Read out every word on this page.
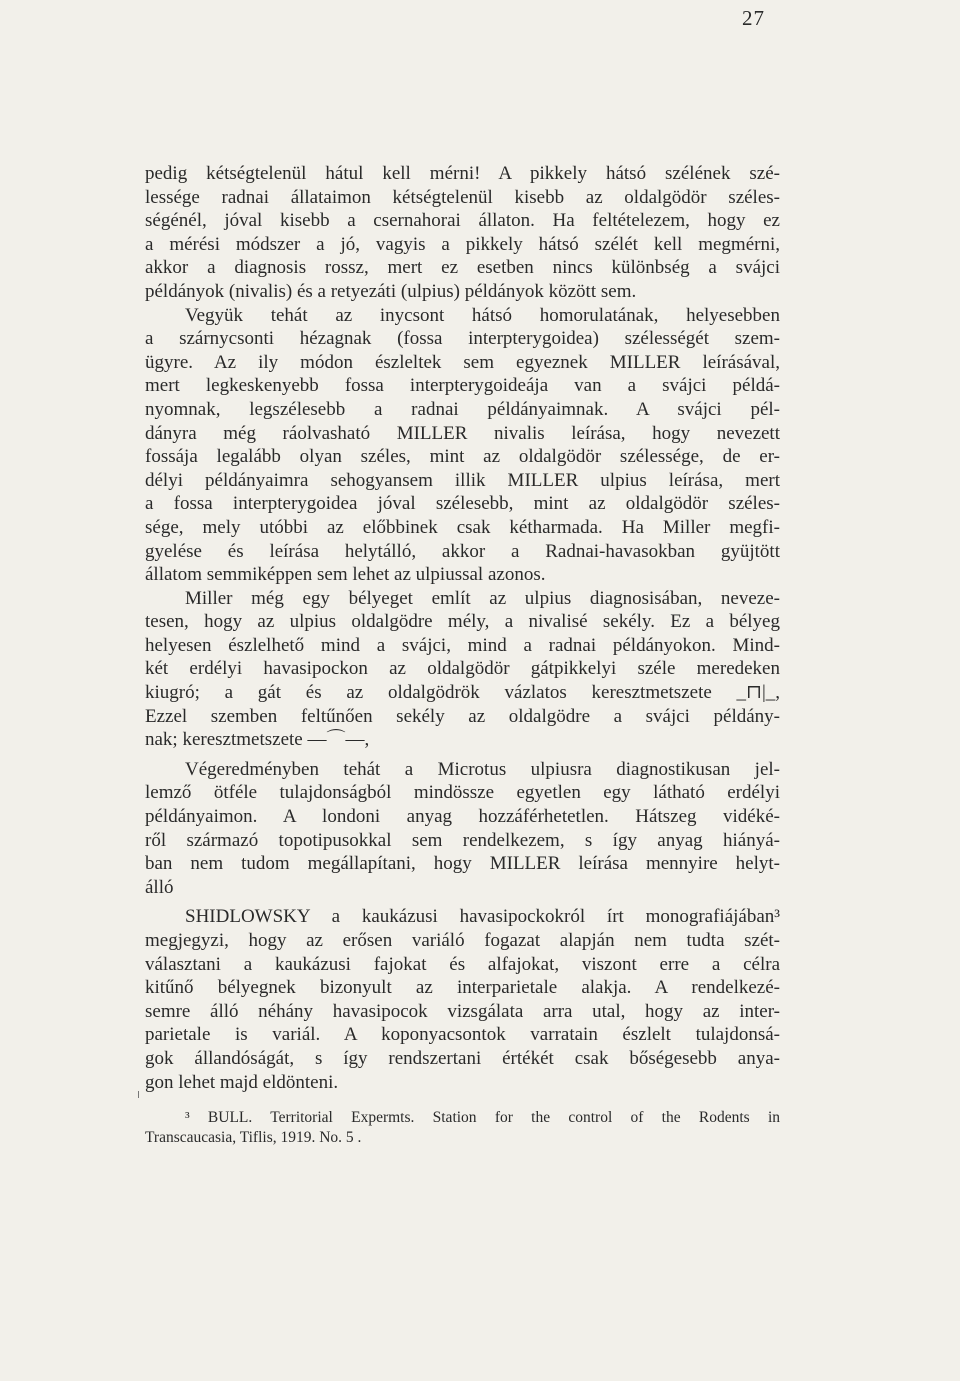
27
pedig kétségtelenül hátul kell mérni! A pikkely hátsó szélének szé-
lessége radnai állataimon kétségtelenül kisebb az oldalgödör széles-
ségénél, jóval kisebb a csernahorai állaton. Ha feltételezem, hogy ez
a mérési módszer a jó, vagyis a pikkely hátsó szélét kell megmérni,
akkor a diagnosis rossz, mert ez esetben nincs különbség a svájci
példányok (nivalis) és a retyezáti (ulpius) példányok között sem.
Vegyük tehát az inycsont hátsó homorulatának, helyesebben
a szárnycsonti hézagnak (fossa interpterygoidea) szélességét szem-
ügyre. Az ily módon észleltek sem egyeznek MILLER leírásával,
mert legkeskenyebb fossa interpterygoideája van a svájci példá-
nyomnak, legszélesebb a radnai példányaimnak. A svájci pél-
dányra még ráolvasható MILLER nivalis leírása, hogy nevezett
fossája legalább olyan széles, mint az oldalgödör szélessége, de er-
délyi példányaimra sehogyansem illik MILLER ulpius leírása, mert
a fossa interpterygoidea jóval szélesebb, mint az oldalgödör széles-
sége, mely utóbbi az előbbinek csak kétharmada. Ha Miller megfi-
gyelése és leírása helytálló, akkor a Radnai-havasokban gyüjtött
állatom semmiképpen sem lehet az ulpiussal azonos.
Miller még egy bélyeget említ az ulpius diagnosisában, neveze-
tesen, hogy az ulpius oldalgödre mély, a nivalisé sekély. Ez a bélyeg
helyesen észlelhető mind a svájci, mind a radnai példányokon. Mind-
két erdélyi havasipockon az oldalgödör gátpikkelyi széle meredeken
kiugró; a gát és az oldalgödrök vázlatos keresztmetszete _⊓|_,
Ezzel szemben feltűnően sekély az oldalgödre a svájci példány-
nak; keresztmetszete —⌒—,
Végeredményben tehát a Microtus ulpiusra diagnostikusan jel-
lemző ötféle tulajdonságból mindössze egyetlen egy látható erdélyi
példányaimon. A londoni anyag hozzáférhetetlen. Hátszeg vidéké-
ről származó topotipusokkal sem rendelkezem, s így anyag hiányá-
ban nem tudom megállapítani, hogy MILLER leírása mennyire helyt-
álló
SHIDLOWSKY a kaukázusi havasipockokról írt monografiájában³
megjegyzi, hogy az erősen variáló fogazat alapján nem tudta szét-
választani a kaukázusi fajokat és alfajokat, viszont erre a célra
kitűnő bélyegnek bizonyult az interparietale alakja. A rendelkezé-
semre álló néhány havasipocok vizsgálata arra utal, hogy az inter-
parietale is variál. A koponyacsontok varratain észlelt tulajdonsá-
gok állandóságát, s így rendszertani értékét csak bőségesebb anya-
gon lehet majd eldönteni.
³ BULL. Territorial Expermts. Station for the control of the Rodents in
Transcaucasia, Tiflis, 1919. No. 5 .
